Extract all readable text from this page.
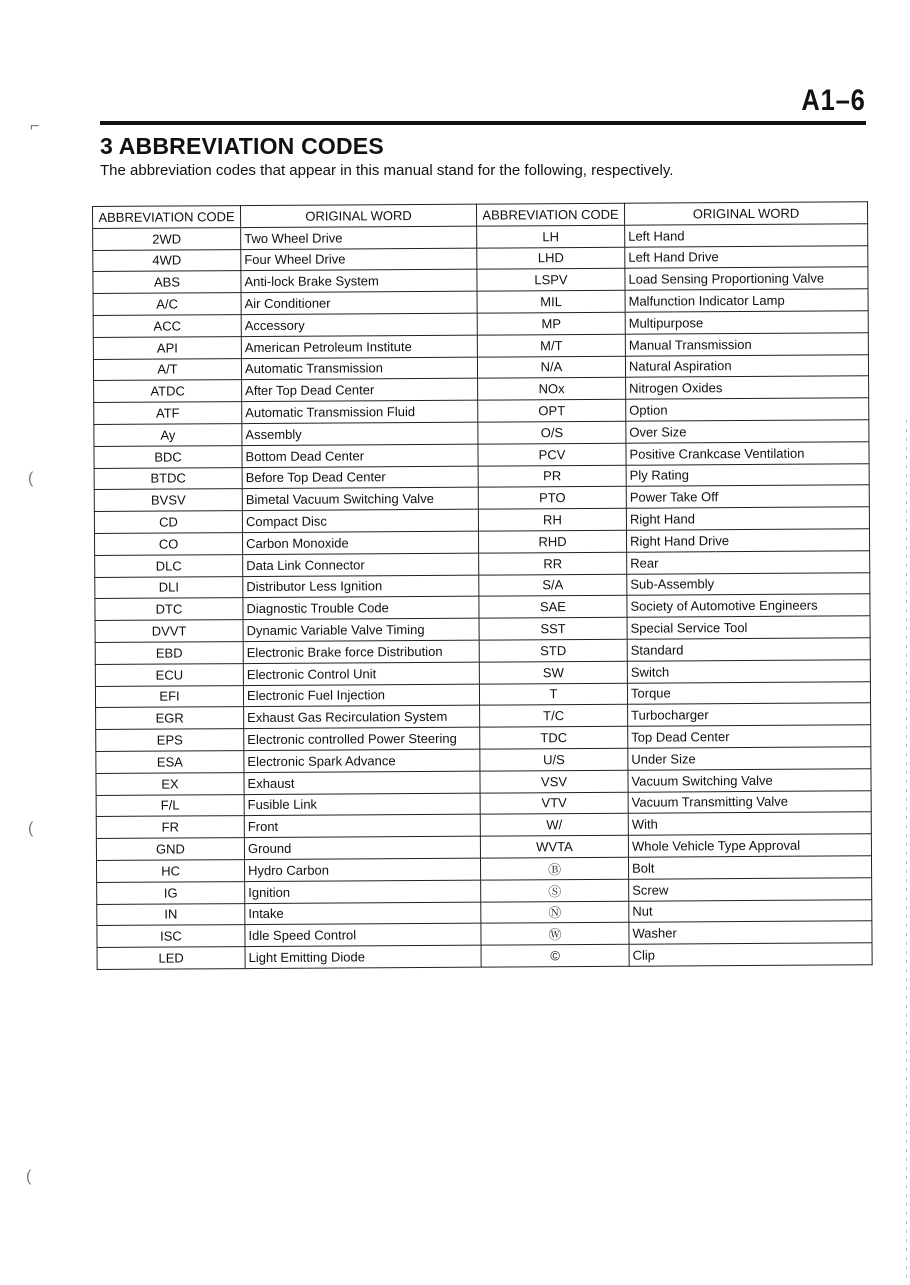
A1–6
3 ABBREVIATION CODES
The abbreviation codes that appear in this manual stand for the following, respectively.
ABBREVIATION CODE	ORIGINAL WORD	ABBREVIATION CODE	ORIGINAL WORD
2WD	Two Wheel Drive	LH	Left Hand
4WD	Four Wheel Drive	LHD	Left Hand Drive
ABS	Anti-lock Brake System	LSPV	Load Sensing Proportioning Valve
A/C	Air Conditioner	MIL	Malfunction Indicator Lamp
ACC	Accessory	MP	Multipurpose
API	American Petroleum Institute	M/T	Manual Transmission
A/T	Automatic Transmission	N/A	Natural Aspiration
ATDC	After Top Dead Center	NOx	Nitrogen Oxides
ATF	Automatic Transmission Fluid	OPT	Option
Ay	Assembly	O/S	Over Size
BDC	Bottom Dead Center	PCV	Positive Crankcase Ventilation
BTDC	Before Top Dead Center	PR	Ply Rating
BVSV	Bimetal Vacuum Switching Valve	PTO	Power Take Off
CD	Compact Disc	RH	Right Hand
CO	Carbon Monoxide	RHD	Right Hand Drive
DLC	Data Link Connector	RR	Rear
DLI	Distributor Less Ignition	S/A	Sub-Assembly
DTC	Diagnostic Trouble Code	SAE	Society of Automotive Engineers
DVVT	Dynamic Variable Valve Timing	SST	Special Service Tool
EBD	Electronic Brake force Distribution	STD	Standard
ECU	Electronic Control Unit	SW	Switch
EFI	Electronic Fuel Injection	T	Torque
EGR	Exhaust Gas Recirculation System	T/C	Turbocharger
EPS	Electronic controlled Power Steering	TDC	Top Dead Center
ESA	Electronic Spark Advance	U/S	Under Size
EX	Exhaust	VSV	Vacuum Switching Valve
F/L	Fusible Link	VTV	Vacuum Transmitting Valve
FR	Front	W/	With
GND	Ground	WVTA	Whole Vehicle Type Approval
HC	Hydro Carbon	Ⓑ	Bolt
IG	Ignition	Ⓢ	Screw
IN	Intake	Ⓝ	Nut
ISC	Idle Speed Control	Ⓦ	Washer
LED	Light Emitting Diode	©	Clip
⌐
(
(
(
